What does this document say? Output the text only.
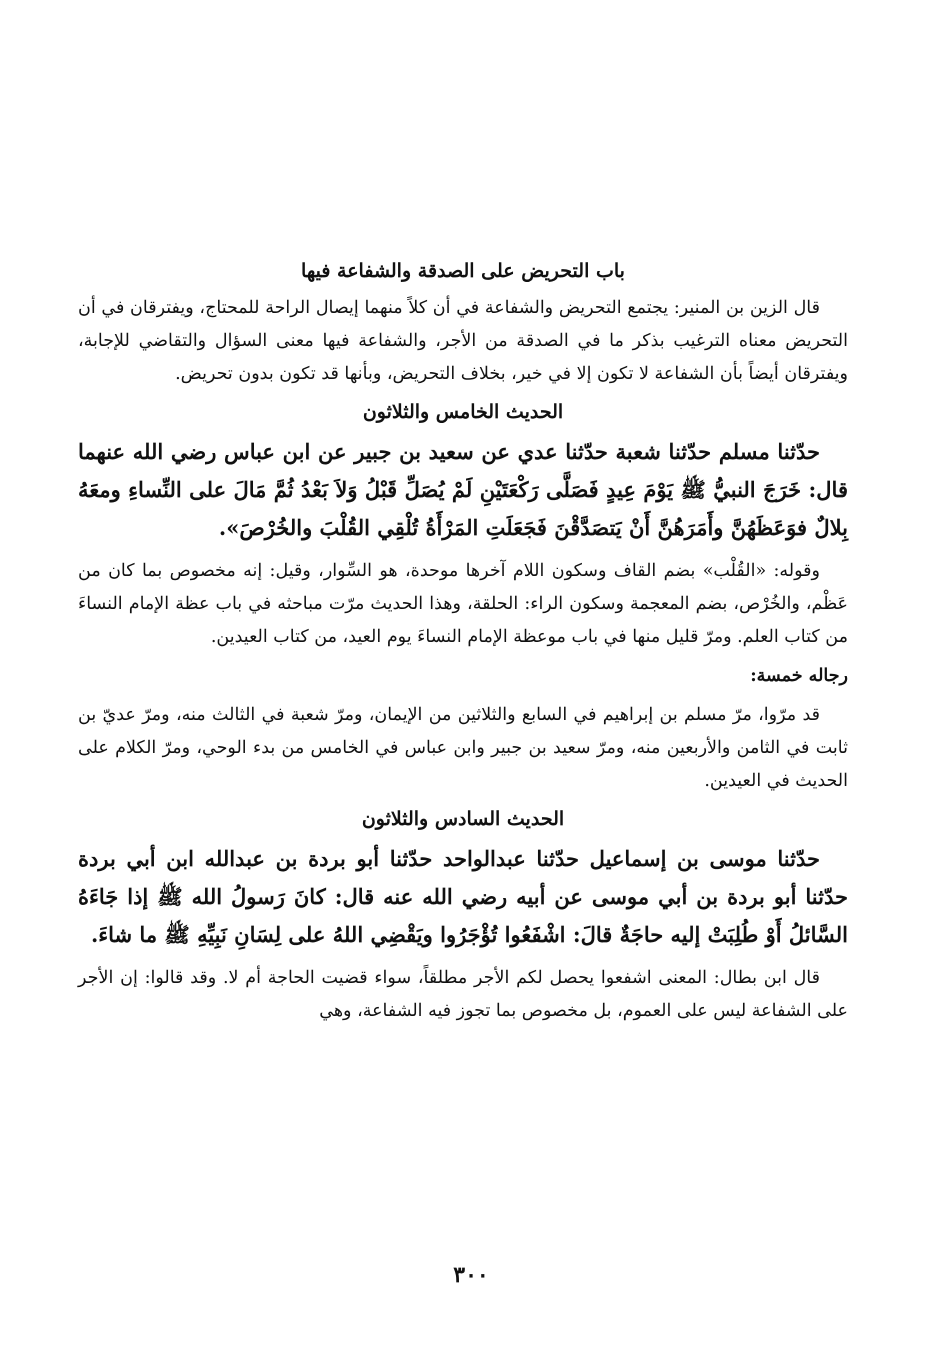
باب التحريض على الصدقة والشفاعة فيها

قال الزين بن المنير: يجتمع التحريض والشفاعة في أن كلاً منهما إيصال الراحة للمحتاج، ويفترقان في أن التحريض معناه الترغيب بذكر ما في الصدقة من الأجر، والشفاعة فيها معنى السؤال والتقاضي للإجابة، ويفترقان أيضاً بأن الشفاعة لا تكون إلا في خير، بخلاف التحريض، وبأنها قد تكون بدون تحريض.

الحديث الخامس والثلاثون

حدّثنا مسلم حدّثنا شعبة حدّثنا عدي عن سعيد بن جبير عن ابن عباس رضي الله عنهما قال: خَرَجَ النبيُّ ﷺ يَوْمَ عِيدٍ فَصَلَّى رَكْعَتَيْنِ لَمْ يُصَلِّ قَبْلُ وَلاَ بَعْدُ ثُمَّ مَالَ على النِّساءِ ومعَهُ بِلالٌ فوَعَظَهُنَّ وأَمَرَهُنَّ أَنْ يَتصَدَّقْنَ فَجَعَلَتِ المَرْأَةُ تُلْقِي القُلْبَ والخُرْصَ».

وقوله: «القُلْب» بضم القاف وسكون اللام آخرها موحدة، هو السِّوار، وقيل: إنه مخصوص بما كان من عَظْم، والخُرْص، بضم المعجمة وسكون الراء: الحلقة، وهذا الحديث مرّت مباحثه في باب عظة الإمام النساءَ من كتاب العلم. ومرّ قليل منها في باب موعظة الإمام النساءَ يوم العيد، من كتاب العيدين.

رجاله خمسة:

قد مرّوا، مرّ مسلم بن إبراهيم في السابع والثلاثين من الإيمان، ومرّ شعبة في الثالث منه، ومرّ عديّ بن ثابت في الثامن والأربعين منه، ومرّ سعيد بن جبير وابن عباس في الخامس من بدء الوحي، ومرّ الكلام على الحديث في العيدين.

الحديث السادس والثلاثون

حدّثنا موسى بن إسماعيل حدّثنا عبدالواحد حدّثنا أبو بردة بن عبدالله ابن أبي بردة حدّثنا أبو بردة بن أبي موسى عن أبيه رضي الله عنه قال: كانَ رَسولُ الله ﷺ إذا جَاءَهُ السَّائلُ أَوْ طُلِبَتْ إليه حاجَةٌ قالَ: اشْفَعُوا تُؤْجَرُوا ويَقْضِي اللهُ على لِسَانِ نَبِيِّهِ ﷺ ما شاءَ.

قال ابن بطال: المعنى اشفعوا يحصل لكم الأجر مطلقاً، سواء قضيت الحاجة أم لا. وقد قالوا: إن الأجر على الشفاعة ليس على العموم، بل مخصوص بما تجوز فيه الشفاعة، وهي

٣٠٠
